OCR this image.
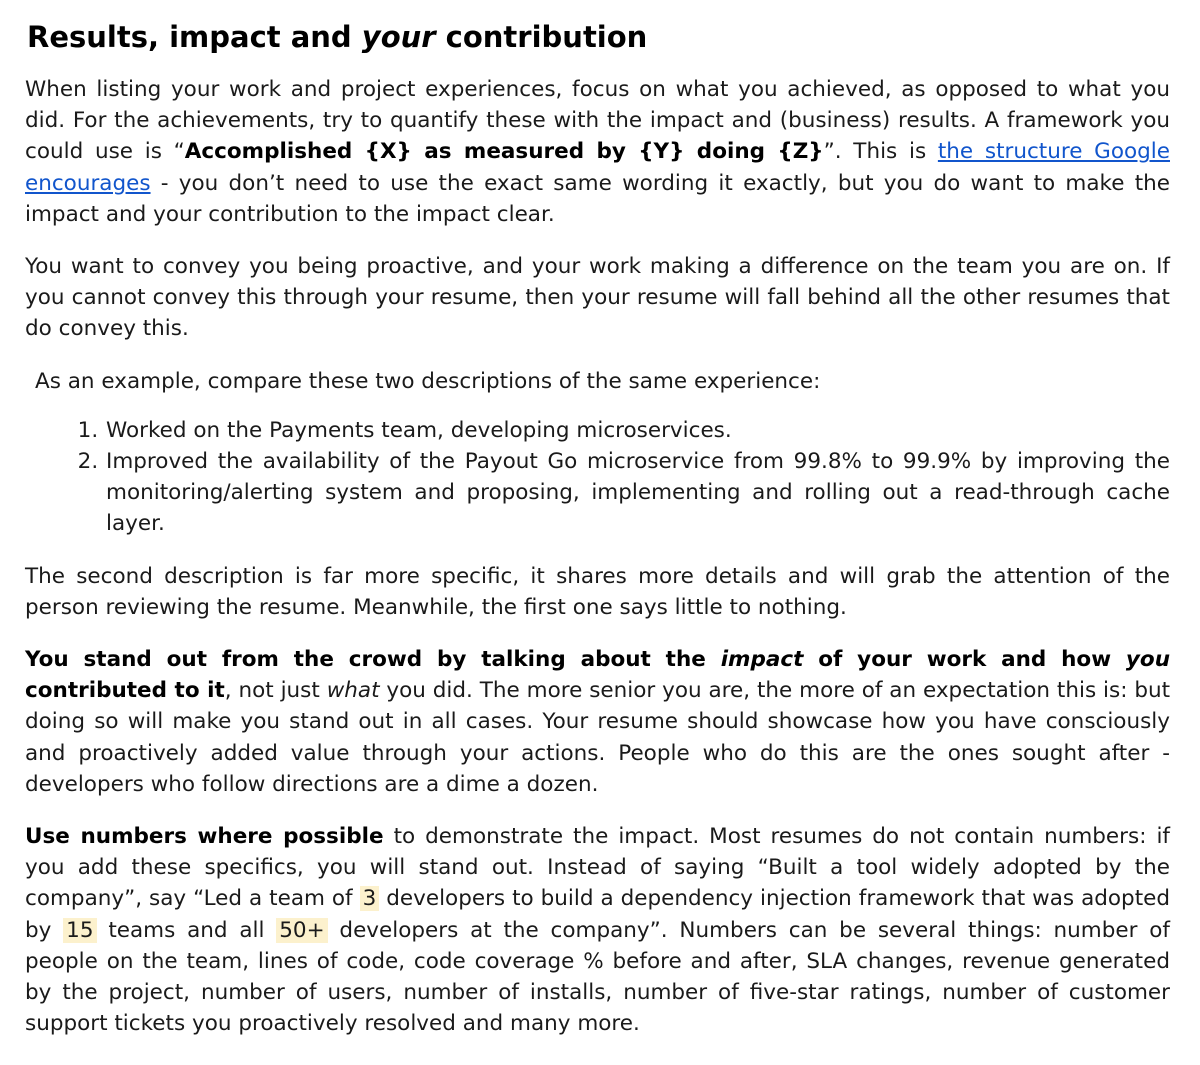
Results, impact and your contribution

When listing your work and project experiences, focus on what you achieved, as opposed to what you did. For the achievements, try to quantify these with the impact and (business) results. A framework you could use is “Accomplished {X} as measured by {Y} doing {Z}”. This is the structure Google encourages - you don’t need to use the exact same wording it exactly, but you do want to make the impact and your contribution to the impact clear.

You want to convey you being proactive, and your work making a difference on the team you are on. If you cannot convey this through your resume, then your resume will fall behind all the other resumes that do convey this.

As an example, compare these two descriptions of the same experience:

1. Worked on the Payments team, developing microservices.
2. Improved the availability of the Payout Go microservice from 99.8% to 99.9% by improving the monitoring/alerting system and proposing, implementing and rolling out a read-through cache layer.

The second description is far more specific, it shares more details and will grab the attention of the person reviewing the resume. Meanwhile, the first one says little to nothing.

You stand out from the crowd by talking about the impact of your work and how you contributed to it, not just what you did. The more senior you are, the more of an expectation this is: but doing so will make you stand out in all cases. Your resume should showcase how you have consciously and proactively added value through your actions. People who do this are the ones sought after - developers who follow directions are a dime a dozen.

Use numbers where possible to demonstrate the impact. Most resumes do not contain numbers: if you add these specifics, you will stand out. Instead of saying “Built a tool widely adopted by the company”, say “Led a team of 3 developers to build a dependency injection framework that was adopted by 15 teams and all 50+ developers at the company”. Numbers can be several things: number of people on the team, lines of code, code coverage % before and after, SLA changes, revenue generated by the project, number of users, number of installs, number of five-star ratings, number of customer support tickets you proactively resolved and many more.
